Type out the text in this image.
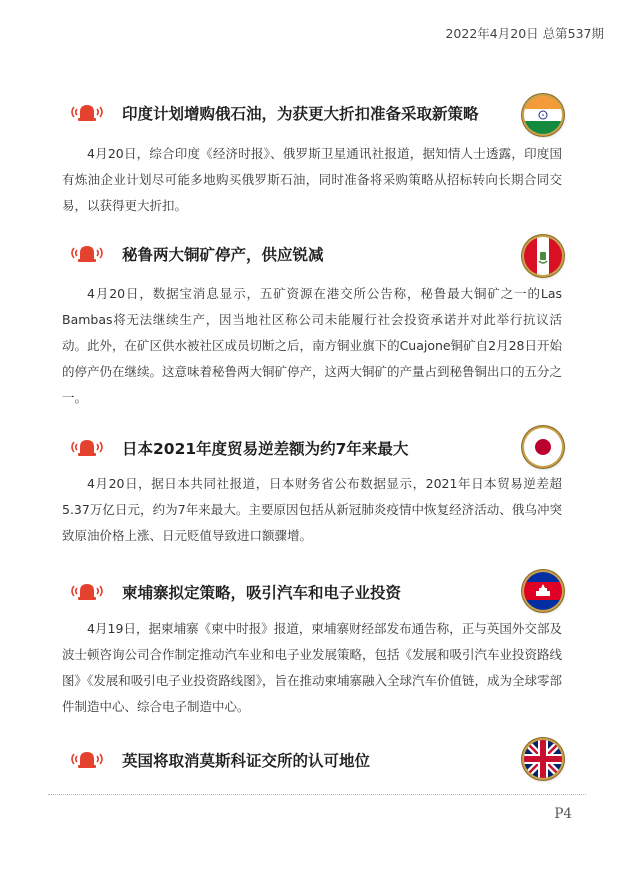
2022年4月20日 总第537期
印度计划增购俄石油，为获更大折扣准备采取新策略

4月20日，综合印度《经济时报》、俄罗斯卫星通讯社报道，据知情人士透露，印度国有炼油企业计划尽可能多地购买俄罗斯石油，同时准备将采购策略从招标转向长期合同交易，以获得更大折扣。

秘鲁两大铜矿停产，供应锐减

4月20日，数据宝消息显示，五矿资源在港交所公告称，秘鲁最大铜矿之一的Las Bambas将无法继续生产，因当地社区称公司未能履行社会投资承诺并对此举行抗议活动。此外，在矿区供水被社区成员切断之后，南方铜业旗下的Cuajone铜矿自2月28日开始的停产仍在继续。这意味着秘鲁两大铜矿停产，这两大铜矿的产量占到秘鲁铜出口的五分之一。

日本2021年度贸易逆差额为约7年来最大

4月20日，据日本共同社报道，日本财务省公布数据显示，2021年日本贸易逆差超5.37万亿日元，约为7年来最大。主要原因包括从新冠肺炎疫情中恢复经济活动、俄乌冲突致原油价格上涨、日元贬值导致进口额骤增。

柬埔寨拟定策略，吸引汽车和电子业投资

4月19日，据柬埔寨《柬中时报》报道，柬埔寨财经部发布通告称，正与英国外交部及波士顿咨询公司合作制定推动汽车业和电子业发展策略，包括《发展和吸引汽车业投资路线图》《发展和吸引电子业投资路线图》，旨在推动柬埔寨融入全球汽车价值链，成为全球零部件制造中心、综合电子制造中心。

英国将取消莫斯科证交所的认可地位
P4
